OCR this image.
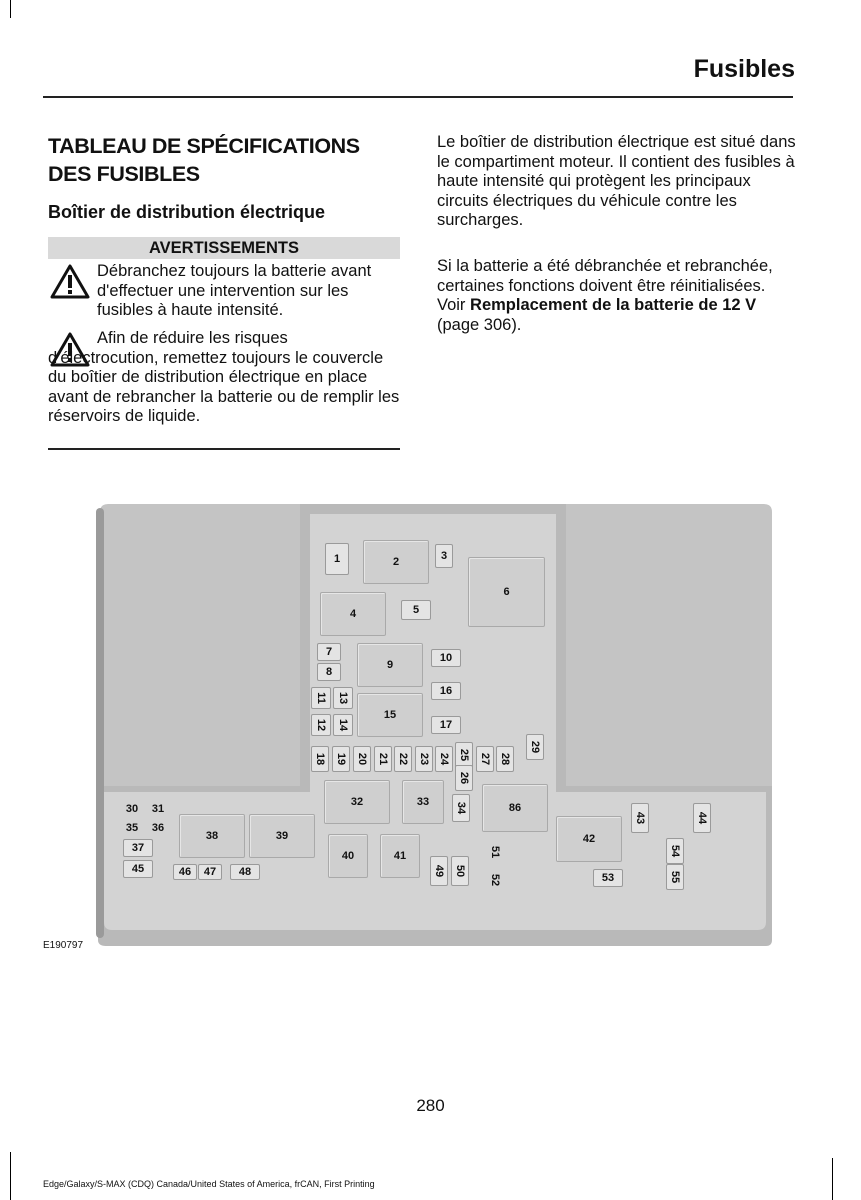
Fusibles
TABLEAU DE SPÉCIFICATIONS DES FUSIBLES
Boîtier de distribution électrique
AVERTISSEMENTS
Débranchez toujours la batterie avant d'effectuer une intervention sur les fusibles à haute intensité.
Afin de réduire les risques d'électrocution, remettez toujours le couvercle du boîtier de distribution électrique en place avant de rebrancher la batterie ou de remplir les réservoirs de liquide.
Le boîtier de distribution électrique est situé dans le compartiment moteur. Il contient des fusibles à haute intensité qui protègent les principaux circuits électriques du véhicule contre les surcharges.
Si la batterie a été débranchée et rebranchée, certaines fonctions doivent être réinitialisées. Voir Remplacement de la batterie de 12 V (page 306).
1	2	3
6
4	5
7
8
9
10
11 13
12 14
15
16
17
18 19 20 21 22 23 24 25 27 28
29
26
30 31
35 36
37
45	46 47 48
38	39
32	33 34	86
40	41
49 50
51
52
42
43	44
53
54
55
E190797
280
Edge/Galaxy/S-MAX (CDQ) Canada/United States of America, frCAN, First Printing
